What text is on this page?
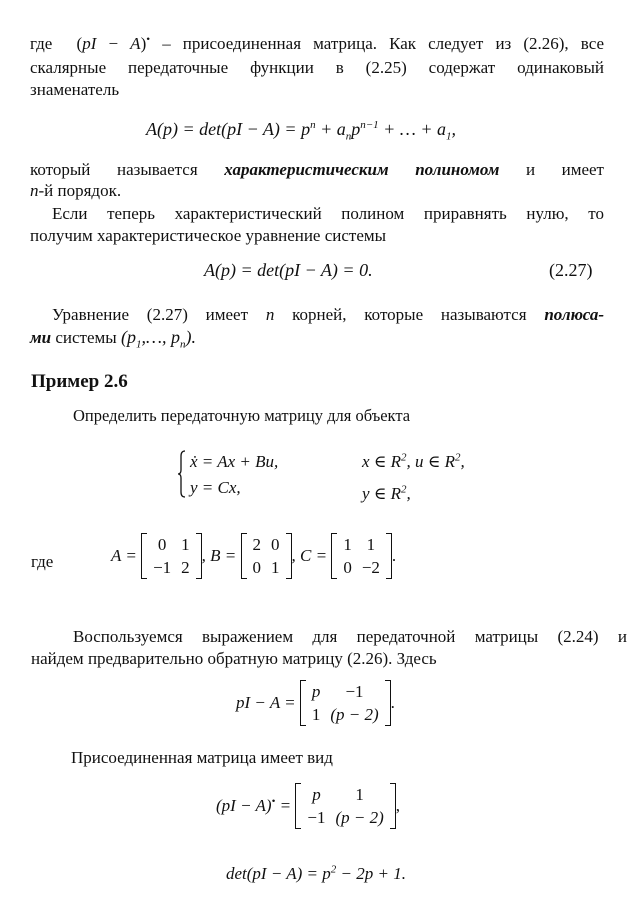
где (pI − A)• – присоединенная матрица. Как следует из (2.26), все
скалярные передаточные функции в (2.25) содержат одинаковый
знаменатель
$A(p) = \det(pI - A) = p^n + a_np^{n-1}$ + … + $a_1$,
который называется характеристическим полиномом и имеет
n-й порядок.
Если теперь характеристический полином приравнять нулю, то
получим характеристическое уравнение системы
A(p) = det(pI − A) = 0.	(2.27)
Уравнение (2.27) имеет n корней, которые называются полюса-
ми системы ($p_1,\dots$, $p_n$).
Пример 2.6
Определить передаточную матрицу для объекта
ẋ = Ax + Bu,
y = Cx,
x ∈ $R^2$, u ∈ $R^2$,
y ∈ $R^2$,
где	A =
0	1
−1	2
, B =
2	0
0	1
, C =
1	1
0	−2
.
Воспользуемся выражением для передаточной матрицы (2.24) и
найдем предварительно обратную матрицу (2.26). Здесь
pI − A =
p	−1
1	(p − 2)
.
Присоединенная матрица имеет вид
(pI − A)• =
p	1
−1	(p − 2)
,
$\det(pI - A) = p^2 - 2p + 1$.
